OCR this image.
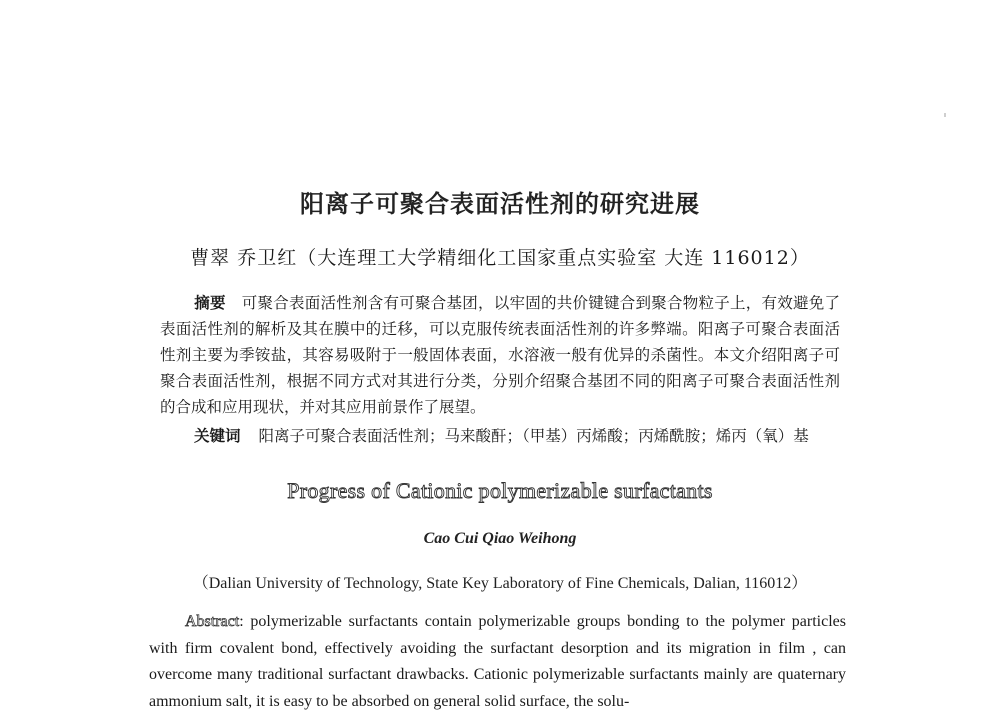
阳离子可聚合表面活性剂的研究进展
曹翠 乔卫红（大连理工大学精细化工国家重点实验室 大连 116012）
摘要 可聚合表面活性剂含有可聚合基团，以牢固的共价键键合到聚合物粒子上，有效避免了表面活性剂的解析及其在膜中的迁移，可以克服传统表面活性剂的许多弊端。阳离子可聚合表面活性剂主要为季铵盐，其容易吸附于一般固体表面，水溶液一般有优异的杀菌性。本文介绍阳离子可聚合表面活性剂，根据不同方式对其进行分类，分别介绍聚合基团不同的阳离子可聚合表面活性剂的合成和应用现状，并对其应用前景作了展望。
关键词 阳离子可聚合表面活性剂；马来酸酐；（甲基）丙烯酸；丙烯酰胺；烯丙（氧）基
Progress of Cationic polymerizable surfactants
Cao Cui Qiao Weihong
（Dalian University of Technology, State Key Laboratory of Fine Chemicals, Dalian, 116012）
Abstract: polymerizable surfactants contain polymerizable groups bonding to the polymer particles with firm covalent bond, effectively avoiding the surfactant desorption and its migration in film , can overcome many traditional surfactant drawbacks. Cationic polymerizable surfactants mainly are quaternary ammonium salt, it is easy to be absorbed on general solid surface, the solu-
